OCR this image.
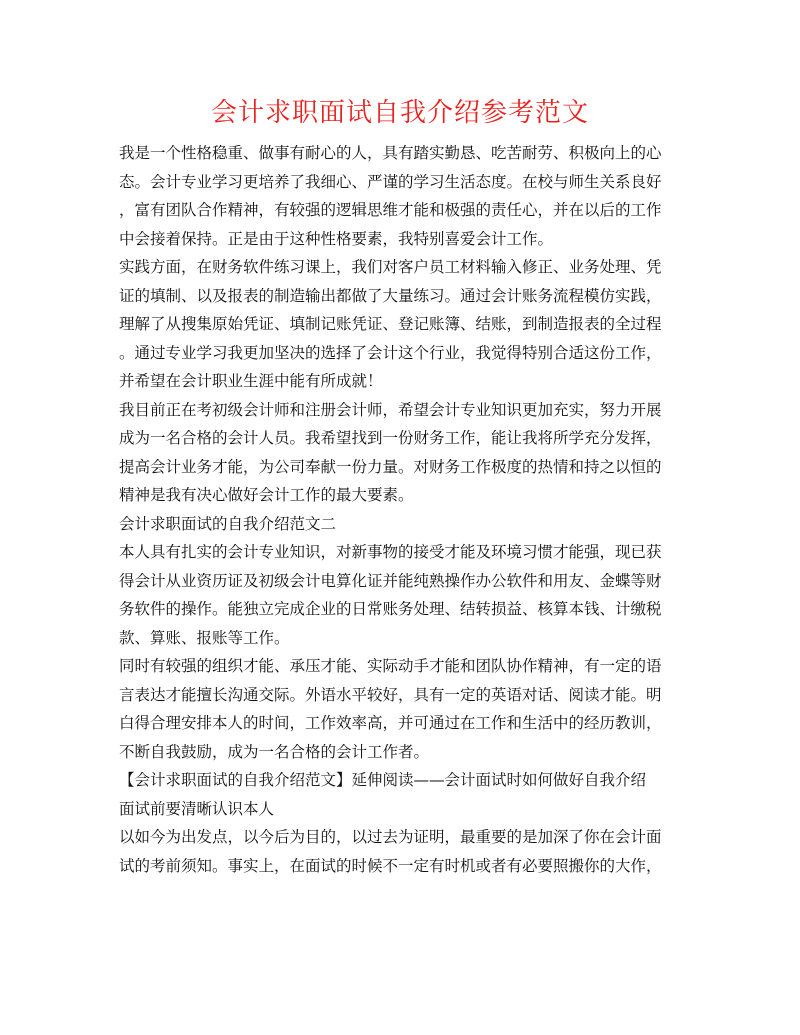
会计求职面试自我介绍参考范文
我是一个性格稳重、做事有耐心的人，具有踏实勤恳、吃苦耐劳、积极向上的心
态。会计专业学习更培养了我细心、严谨的学习生活态度。在校与师生关系良好
，富有团队合作精神，有较强的逻辑思维才能和极强的责任心，并在以后的工作
中会接着保持。正是由于这种性格要素，我特别喜爱会计工作。
实践方面，在财务软件练习课上，我们对客户员工材料输入修正、业务处理、凭
证的填制、以及报表的制造输出都做了大量练习。通过会计账务流程模仿实践，
理解了从搜集原始凭证、填制记账凭证、登记账簿、结账，到制造报表的全过程
。通过专业学习我更加坚决的选择了会计这个行业，我觉得特别合适这份工作，
并希望在会计职业生涯中能有所成就！
我目前正在考初级会计师和注册会计师，希望会计专业知识更加充实，努力开展
成为一名合格的会计人员。我希望找到一份财务工作，能让我将所学充分发挥，
提高会计业务才能，为公司奉献一份力量。对财务工作极度的热情和持之以恒的
精神是我有决心做好会计工作的最大要素。
会计求职面试的自我介绍范文二
本人具有扎实的会计专业知识，对新事物的接受才能及环境习惯才能强，现已获
得会计从业资历证及初级会计电算化证并能纯熟操作办公软件和用友、金蝶等财
务软件的操作。能独立完成企业的日常账务处理、结转损益、核算本钱、计缴税
款、算账、报账等工作。
同时有较强的组织才能、承压才能、实际动手才能和团队协作精神，有一定的语
言表达才能擅长沟通交际。外语水平较好，具有一定的英语对话、阅读才能。明
白得合理安排本人的时间，工作效率高，并可通过在工作和生活中的经历教训，
不断自我鼓励，成为一名合格的会计工作者。
【会计求职面试的自我介绍范文】延伸阅读——会计面试时如何做好自我介绍
面试前要清晰认识本人
以如今为出发点，以今后为目的，以过去为证明，最重要的是加深了你在会计面
试的考前须知。事实上，在面试的时候不一定有时机或者有必要照搬你的大作，
